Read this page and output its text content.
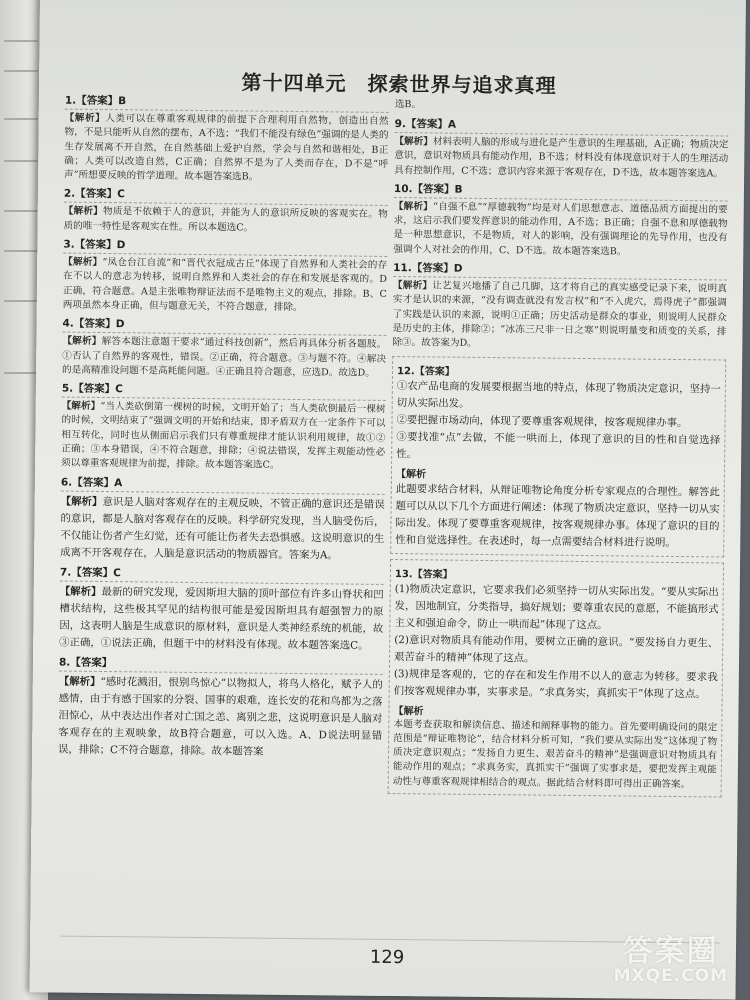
第十四单元　探索世界与追求真理
1.【答案】B
【解析】人类可以在尊重客观规律的前提下合理利用自然物，创造出自然物，不是只能听从自然的摆布，A不选；“我们不能没有绿色”强调的是人类的生存发展离不开自然，在自然基础上爱护自然，学会与自然和谐相处，B正确；人类可以改造自然，C正确；自然界不是为了人类而存在，D不是“呼声”所想要反映的哲学道理。故本题答案选B。
2.【答案】C
【解析】物质是不依赖于人的意识，并能为人的意识所反映的客观实在。物质的唯一特性是客观实在性。所以本题选C。
3.【答案】D
【解析】“凤仓台江自流”和“晋代衣冠成古丘”体现了自然界和人类社会的存在不以人的意志为转移，说明自然界和人类社会的存在和发展是客观的。D正确，符合题意。A是主张唯物辩证法而不是唯物主义的观点，排除。B、C两项虽然本身正确，但与题意无关，不符合题意，排除。
4.【答案】D
【解析】解答本题注意题干要求“通过科技创新”，然后再具体分析各题肢。①否认了自然界的客观性，错误。②正确，符合题意。③与题不符。④解决的是高精准设问题不是高耗能问题。④正确且符合题意，应选D。故选D。
5.【答案】C
【解析】“当人类砍倒第一棵树的时候，文明开始了；当人类砍倒最后一棵树的时候，文明结束了”强调文明的开始和结束，即矛盾双方在一定条件下可以相互转化，同时也从侧面启示我们只有尊重规律才能认识利用规律，故①②正确；③本身错误，④不符合题意，排除；④说法错误，发挥主观能动性必须以尊重客观规律为前提，排除。故本题答案选C。
6.【答案】A
【解析】意识是人脑对客观存在的主观反映，不管正确的意识还是错误的意识，都是人脑对客观存在的反映。科学研究发现，当人脑受伤后，不仅能让伤者产生幻觉，还有可能让伤者失去恐惧感。这说明意识的生成离不开客观存在，人脑是意识活动的物质器官。答案为A。
7.【答案】C
【解析】最新的研究发现，爱因斯坦大脑的顶叶部位有许多山脊状和凹槽状结构，这些极其罕见的结构很可能是爱因斯坦具有超强智力的原因，这表明人脑是生成意识的原材料，意识是人类神经系统的机能，故③正确，①说法正确，但题干中的材料没有体现。故本题答案选C。
8.【答案】
【解析】“感时花溅泪，恨别鸟惊心”以物拟人，将鸟人格化，赋予人的感情，由于有感于国家的分裂、国事的艰难，连长安的花和鸟都为之落泪惊心，从中表达出作者对亡国之恙、离别之悲，这说明意识是人脑对客观存在的主观映象，故B符合题意，可以入选。A、D说法明显错误，排除；C不符合题意，排除。故本题答案
选B。
9.【答案】A
【解析】材料表明人脑的形成与进化是产生意识的生理基础，A正确；物质决定意识，意识对物质具有能动作用，B不选；材料没有体现意识对于人的生理活动具有控制作用，C不选；意识内容来源于客观存在，D不选，故本题答案选A。
10.【答案】B
【解析】“自强不息”“厚德载物”均是对人们思想意志、道德品质方面提出的要求，这启示我们要发挥意识的能动作用，A不选；B正确；自强不息和厚德载物是一种思想意识，不是物质，对人的影响，没有强调理论的先导作用，也没有强调个人对社会的作用，C、D不选。故本题答案选B。
11.【答案】D
【解析】让艺复兴地播了自己几脚，这才将自己的真实感受记录下来，说明真实才是认识的来源，“没有调查就没有发言权”和“不入虎穴，焉得虎子”都强调了实践是认识的来源，说明①正确；历史活动是群众的事业，则说明人民群众是历史的主体，排除②；“冰冻三尺非一日之寒”则说明量变和质变的关系，排除③。故答案为D。
12.【答案】
①农产品电商的发展要根据当地的特点，体现了物质决定意识，坚持一切从实际出发。
②要把握市场动向，体现了要尊重客观规律，按客观规律办事。
③要找准“点”去做，不能一哄而上，体现了意识的目的性和自觉选择性。
【解析
此题要求结合材料，从辩证唯物论角度分析专家观点的合理性。解答此题可以从以下几个方面进行阐述：体现了物质决定意识，坚持一切从实际出发。体现了要尊重客观规律，按客观规律办事。体现了意识的目的性和自觉选择性。在表述时，每一点需要结合材料进行说明。
13.【答案】
(1)物质决定意识，它要求我们必须坚持一切从实际出发。“要从实际出发，因地制宜，分类指导，搞好规划；要尊重农民的意愿，不能搞形式主义和强迫命令，防止一哄而起”体现了这点。
(2)意识对物质具有能动作用，要树立正确的意识。“要发扬自力更生、艰苦奋斗的精神”体现了这点。
(3)规律是客观的，它的存在和发生作用不以人的意志为转移。要求我们按客观规律办事，实事求是。“求真务实，真抓实干”体现了这点。
【解析
本题考查获取和解读信息、描述和阐释事物的能力。首先要明确设问的限定范围是“辩证唯物论”，结合材料分析可知，“我们要从实际出发”这体现了物质决定意识观点；“发扬自力更生、艰苦奋斗的精神”是强调意识对物质具有能动作用的观点；“求真务实，真抓实干”强调了实事求是，要把发挥主观能动性与尊重客观规律相结合的观点。据此结合材料即可得出正确答案。
129	答案圈
MXQE.COM
